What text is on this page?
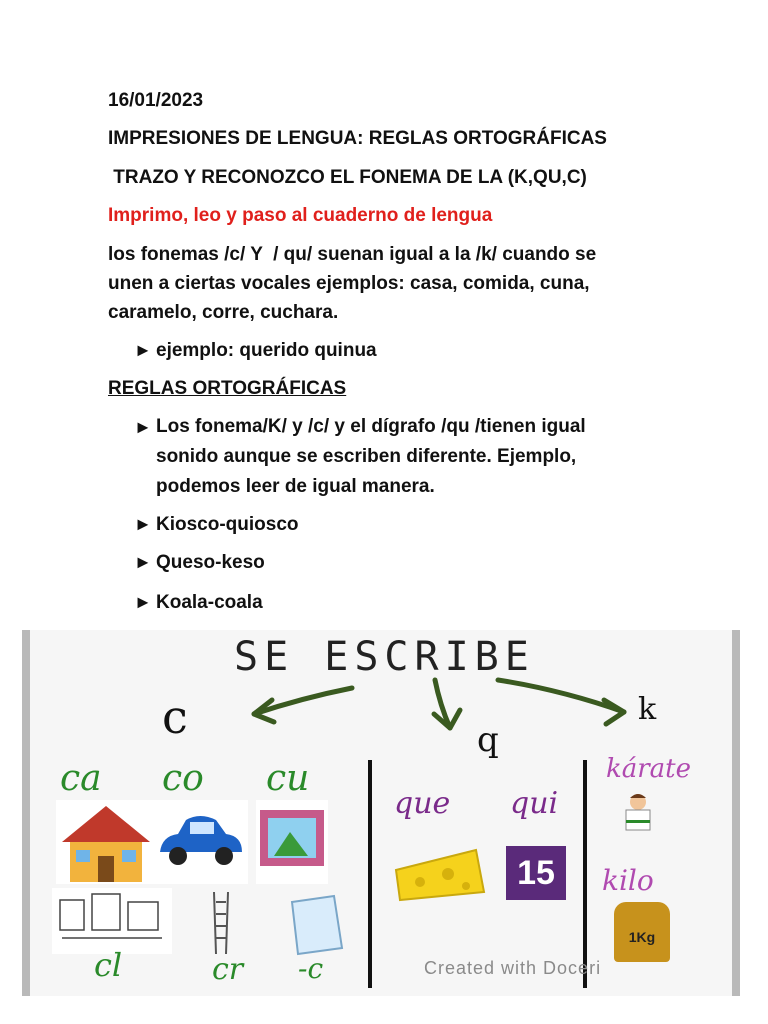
16/01/2023
IMPRESIONES DE LENGUA: REGLAS ORTOGRÁFICAS
TRAZO Y RECONOZCO EL FONEMA DE LA (K,QU,C)
Imprimo, leo y paso al cuaderno de lengua
los fonemas /c/ Y  / qu/ suenan igual a la /k/ cuando se
unen a ciertas vocales ejemplos: casa, comida, cuna,
caramelo, corre, cuchara.
► ejemplo: querido quinua
REGLAS ORTOGRÁFICAS
► Los fonema/K/ y /c/ y el dígrafo /qu /tienen igual
sonido aunque se escriben diferente. Ejemplo,
podemos leer de igual manera.
► Kiosco-quiosco
► Queso-keso
► Koala-coala
SE ESCRIBE
c	q
k
ca co cu
cl	cr -c
que qui
15
kárate
kilo
1Kg
Created with Doceri
